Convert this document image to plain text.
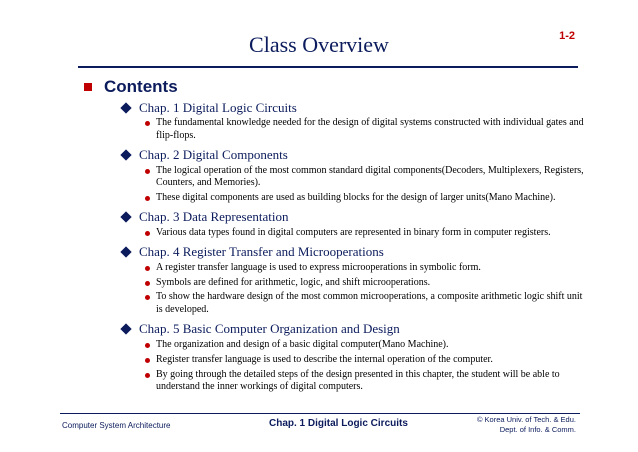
1-2
Class Overview
Contents
Chap. 1 Digital Logic Circuits
The fundamental knowledge needed for the design of digital systems constructed with individual gates and flip-flops.
Chap. 2 Digital Components
The logical operation of the most common standard digital components(Decoders, Multiplexers, Registers, Counters, and Memories).
These digital components are used as building blocks for the design of larger units(Mano Machine).
Chap. 3 Data Representation
Various data types found in digital computers are represented in binary form in computer registers.
Chap. 4 Register Transfer and Microoperations
A register transfer language is used to express microoperations in symbolic form.
Symbols are defined for arithmetic, logic, and shift microoperations.
To show the hardware design of the most common microoperations, a composite arithmetic logic shift unit is developed.
Chap. 5 Basic Computer Organization and Design
The organization and design of a basic digital computer(Mano Machine).
Register transfer language is used to describe the internal operation of the computer.
By going through the detailed steps of the design presented in this chapter, the student will be able to understand the inner workings of digital computers.
Computer System Architecture	Chap. 1 Digital Logic Circuits	© Korea Univ. of Tech. & Edu.
Dept. of Info. & Comm.
